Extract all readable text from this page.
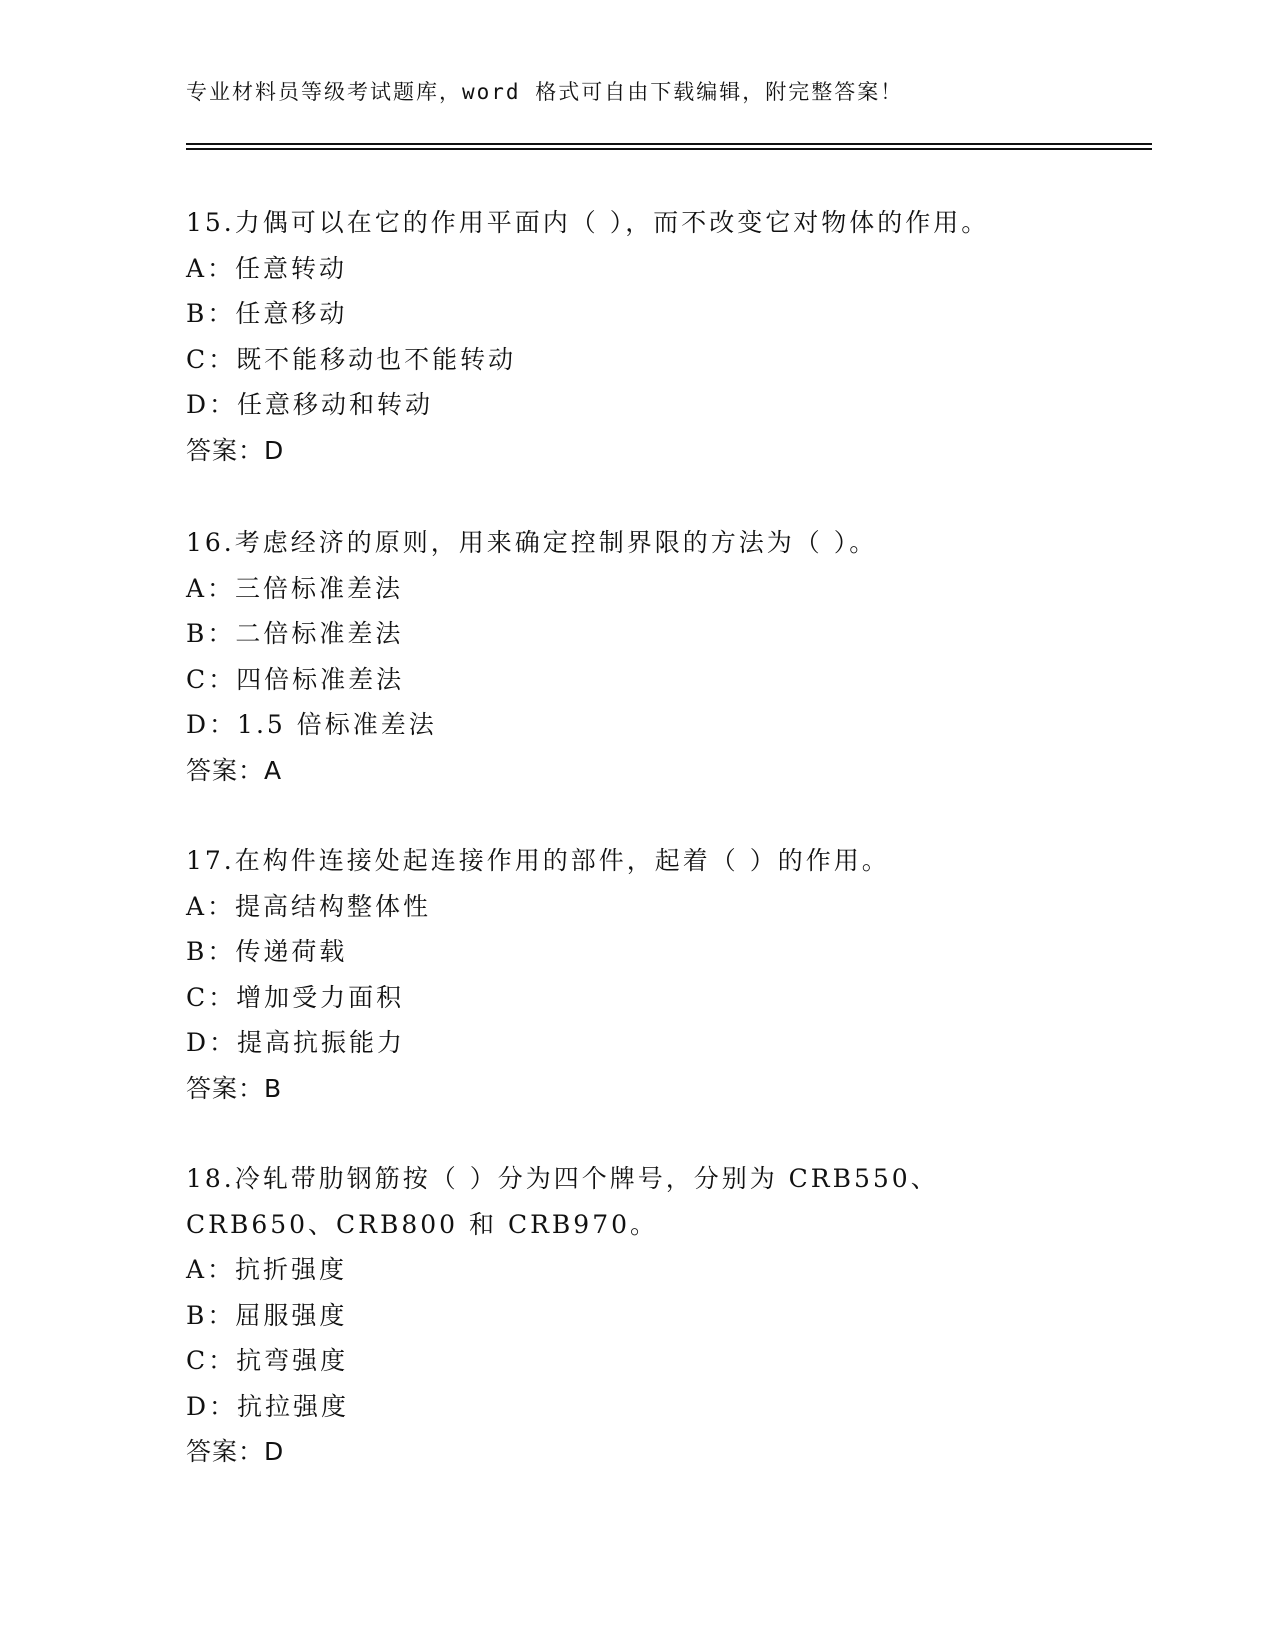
专业材料员等级考试题库，word 格式可自由下载编辑，附完整答案！
15.力偶可以在它的作用平面内（ ），而不改变它对物体的作用。
A：任意转动
B：任意移动
C：既不能移动也不能转动
D：任意移动和转动
答案：D
16.考虑经济的原则，用来确定控制界限的方法为（ ）。
A：三倍标准差法
B：二倍标准差法
C：四倍标准差法
D：1.5 倍标准差法
答案：A
17.在构件连接处起连接作用的部件，起着（ ）的作用。
A：提高结构整体性
B：传递荷载
C：增加受力面积
D：提高抗振能力
答案：B
18.冷轧带肋钢筋按（ ）分为四个牌号，分别为 CRB550、CRB650、CRB800 和 CRB970。
A：抗折强度
B：屈服强度
C：抗弯强度
D：抗拉强度
答案：D
